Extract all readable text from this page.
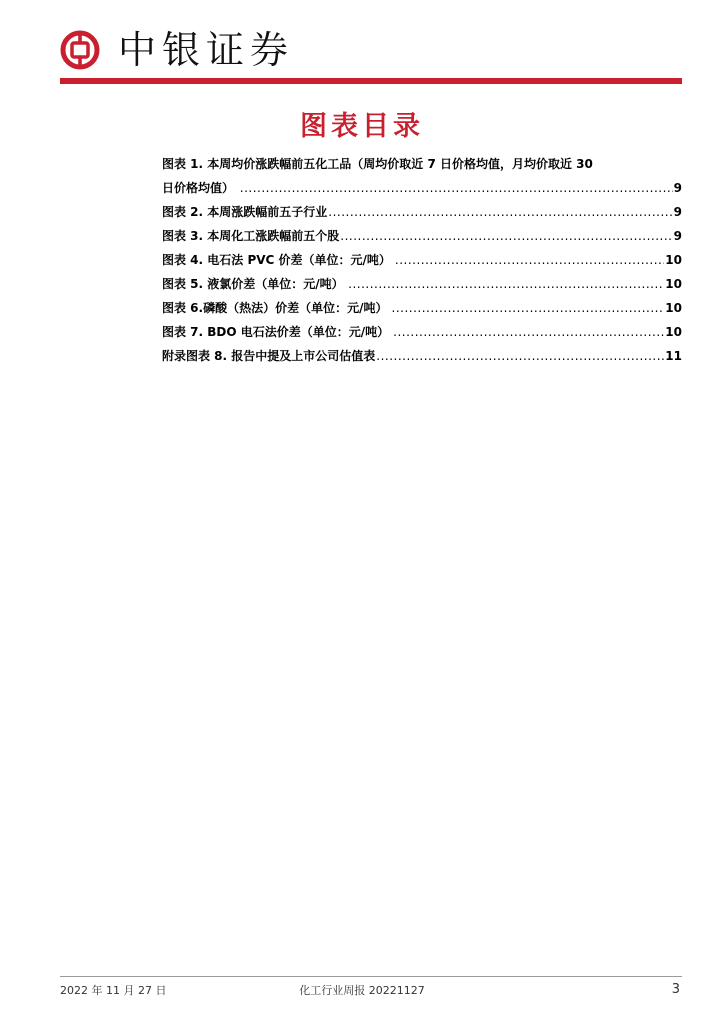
中银证券
图表目录
图表 1. 本周均价涨跌幅前五化工品（周均价取近 7 日价格均值，月均价取近 30
日价格均值） .....	9
图表 2. 本周涨跌幅前五子行业 .....	9
图表 3. 本周化工涨跌幅前五个股 .....	9
图表 4. 电石法 PVC 价差（单位：元/吨） .....	10
图表 5. 液氯价差（单位：元/吨） .....	10
图表 6.磷酸（热法）价差（单位：元/吨） .....	10
图表 7. BDO 电石法价差（单位：元/吨） .....	10
附录图表 8. 报告中提及上市公司估值表 .....	11
2022 年 11 月 27 日	化工行业周报 20221127	3
